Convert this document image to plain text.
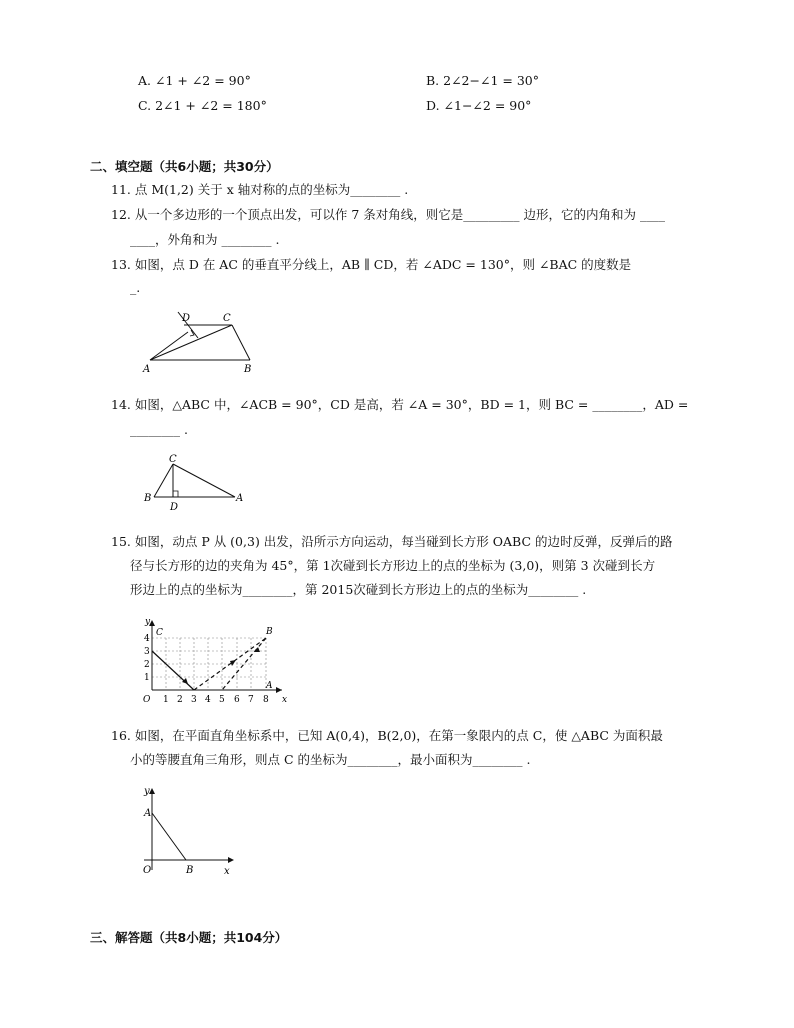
A. ∠1 + ∠2 = 90°	B. 2∠2−∠1 = 30°
C. 2∠1 + ∠2 = 180°	D. ∠1−∠2 = 90°
二、填空题（共6小题；共30分）
11. 点 M(1,2) 关于 x 轴对称的点的坐标为________ .
12. 从一个多边形的一个顶点出发，可以作 7 条对角线，则它是_________ 边形，它的内角和为 ____
____，外角和为 ________ .
13. 如图，点 D 在 AC 的垂直平分线上，AB ∥ CD，若 ∠ADC = 130°，则 ∠BAC 的度数是
_.
A	B
C
D
14. 如图，△ABC 中，∠ACB = 90°，CD 是高，若 ∠A = 30°，BD = 1，则 BC = ________，AD =
________ .
C
B	A
D
15. 如图，动点 P 从 (0,3) 出发，沿所示方向运动，每当碰到长方形 OABC 的边时反弹，反弹后的路
径与长方形的边的夹角为 45°，第 1次碰到长方形边上的点的坐标为 (3,0)，则第 3 次碰到长方
形边上的点的坐标为________，第 2015次碰到长方形边上的点的坐标为________ .
y
x
O
C	B
A
1 2 3 4 5 6 7 8
1
2
3
4
16. 如图，在平面直角坐标系中，已知 A(0,4)，B(2,0)，在第一象限内的点 C，使 △ABC 为面积最
小的等腰直角三角形，则点 C 的坐标为________，最小面积为________ .
y
x
O
A
B
三、解答题（共8小题；共104分）
